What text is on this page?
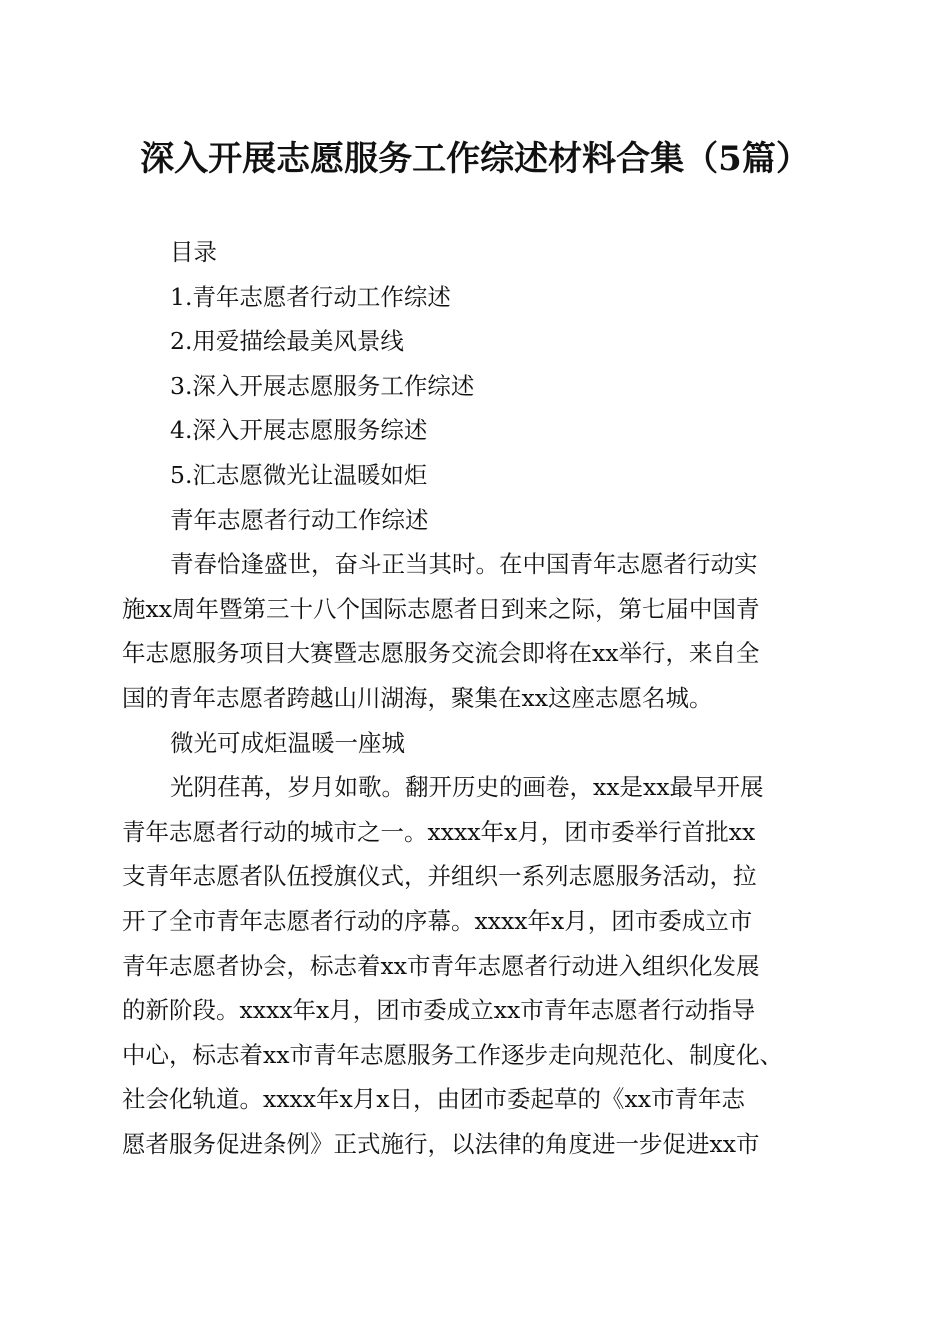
深入开展志愿服务工作综述材料合集（5篇）
目录
1.青年志愿者行动工作综述
2.用爱描绘最美风景线
3.深入开展志愿服务工作综述
4.深入开展志愿服务综述
5.汇志愿微光让温暖如炬
青年志愿者行动工作综述
青春恰逢盛世，奋斗正当其时。在中国青年志愿者行动实
施xx周年暨第三十八个国际志愿者日到来之际，第七届中国青
年志愿服务项目大赛暨志愿服务交流会即将在xx举行，来自全
国的青年志愿者跨越山川湖海，聚集在xx这座志愿名城。
微光可成炬温暖一座城
光阴荏苒，岁月如歌。翻开历史的画卷，xx是xx最早开展
青年志愿者行动的城市之一。xxxx年x月，团市委举行首批xx
支青年志愿者队伍授旗仪式，并组织一系列志愿服务活动，拉
开了全市青年志愿者行动的序幕。xxxx年x月，团市委成立市
青年志愿者协会，标志着xx市青年志愿者行动进入组织化发展
的新阶段。xxxx年x月，团市委成立xx市青年志愿者行动指导
中心，标志着xx市青年志愿服务工作逐步走向规范化、制度化、
社会化轨道。xxxx年x月x日，由团市委起草的《xx市青年志
愿者服务促进条例》正式施行，以法律的角度进一步促进xx市
